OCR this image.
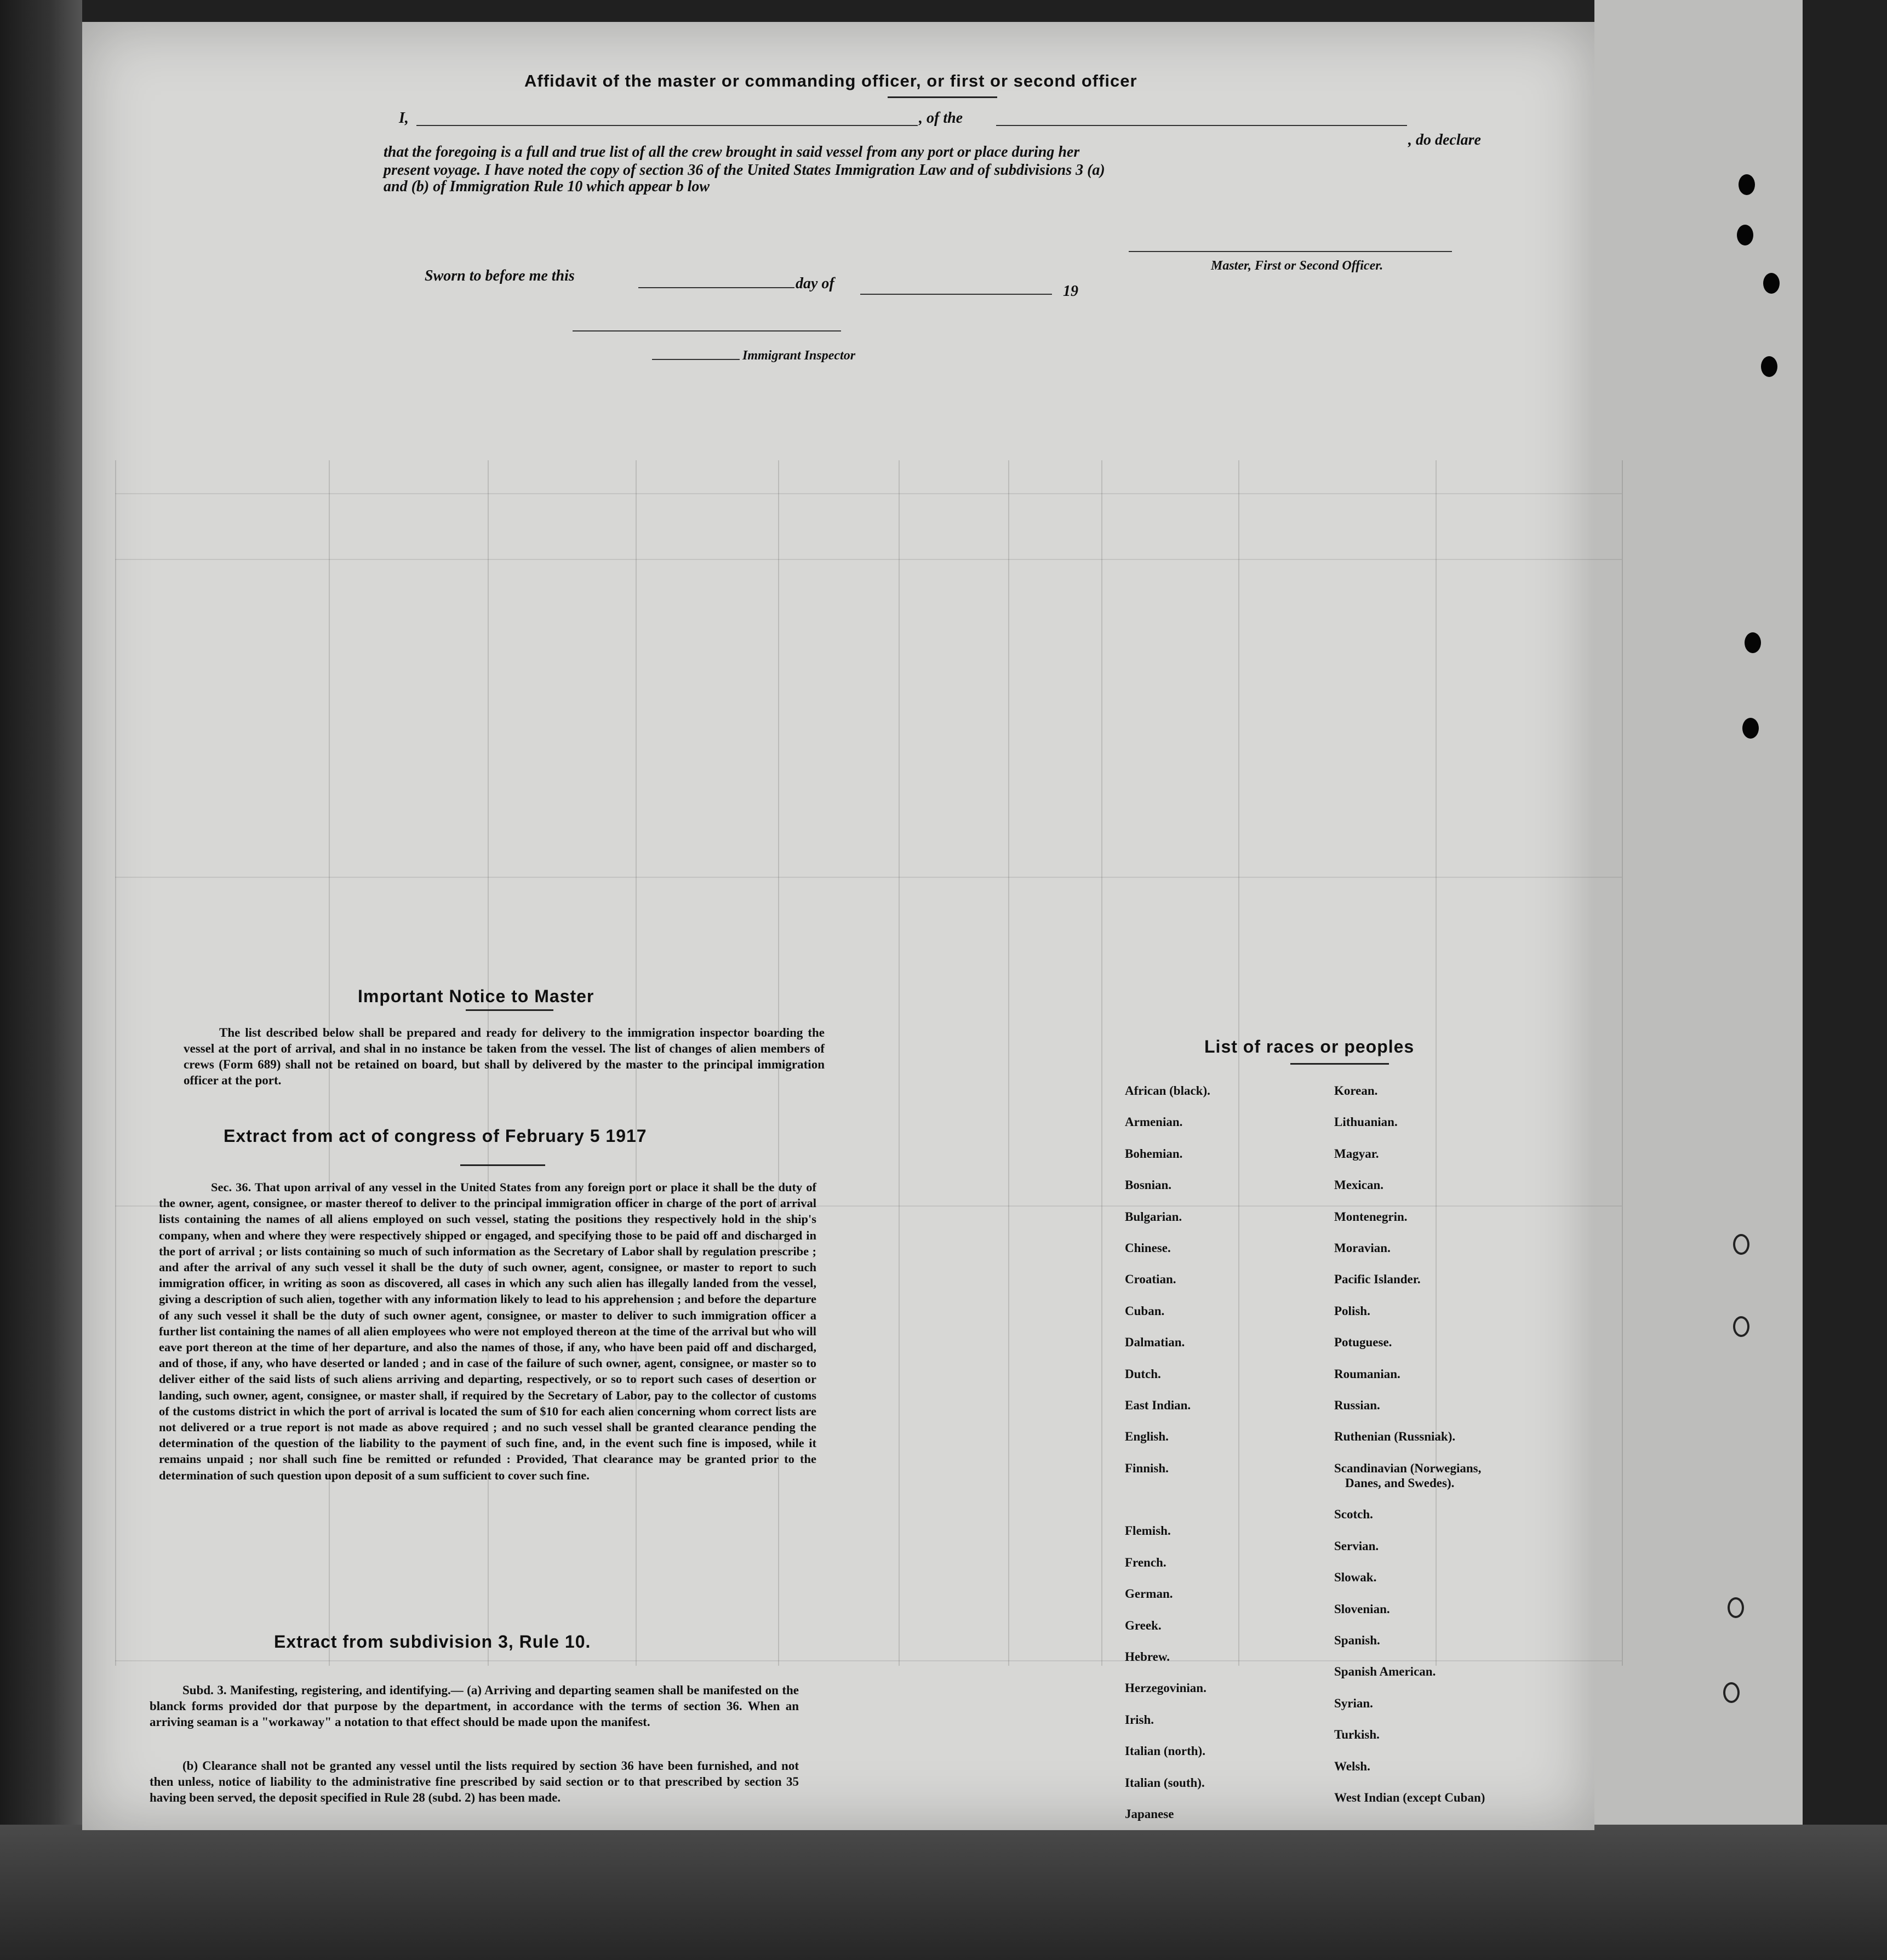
Affidavit of the master or commanding officer, or first or second officer
I,	, of the
, do declare
that the foregoing is a full and true list of all the crew brought in said vessel from any port or place during her
present voyage. I have noted the copy of section 36 of the United States Immigration Law and of subdivisions 3 (a)
and (b) of Immigration Rule 10 which appear b low
Master, First or Second Officer.
Sworn to before me this	day of	19
Immigrant Inspector
Important Notice to Master
The list described below shall be prepared and ready for delivery to the immigration inspector boarding the vessel at the port of arrival, and shal in no instance be taken from the vessel. The list of changes of alien members of crews (Form 689) shall not be retained on board, but shall by delivered by the master to the principal immigration officer at the port.
Extract from act of congress of February 5 1917
Sec. 36. That upon arrival of any vessel in the United States from any foreign port or place it shall be the duty of the owner, agent, consignee, or master thereof to deliver to the principal immigration officer in charge of the port of arrival lists containing the names of all aliens employed on such vessel, stating the positions they respectively hold in the ship's company, when and where they were respectively shipped or engaged, and specifying those to be paid off and discharged in the port of arrival ; or lists containing so much of such information as the Secretary of Labor shall by regulation prescribe ; and after the arrival of any such vessel it shall be the duty of such owner, agent, consignee, or master to report to such immigration officer, in writing as soon as discovered, all cases in which any such alien has illegally landed from the vessel, giving a description of such alien, together with any information likely to lead to his apprehension ; and before the departure of any such vessel it shall be the duty of such owner agent, consignee, or master to deliver to such immigration officer a further list containing the names of all alien employees who were not employed thereon at the time of the arrival but who will eave port thereon at the time of her departure, and also the names of those, if any, who have been paid off and discharged, and of those, if any, who have deserted or landed ; and in case of the failure of such owner, agent, consignee, or master so to deliver either of the said lists of such aliens arriving and departing, respectively, or so to report such cases of desertion or landing, such owner, agent, consignee, or master shall, if required by the Secretary of Labor, pay to the collector of customs of the customs district in which the port of arrival is located the sum of $10 for each alien concerning whom correct lists are not delivered or a true report is not made as above required ; and no such vessel shall be granted clearance pending the determination of the question of the liability to the payment of such fine, and, in the event such fine is imposed, while it remains unpaid ; nor shall such fine be remitted or refunded : Provided, That clearance may be granted prior to the determination of such question upon deposit of a sum sufficient to cover such fine.
Extract from subdivision 3, Rule 10.
Subd. 3. Manifesting, registering, and identifying.— (a) Arriving and departing seamen shall be manifested on the blanck forms provided dor that purpose by the department, in accordance with the terms of section 36. When an arriving seaman is a "workaway" a notation to that effect should be made upon the manifest.
(b) Clearance shall not be granted any vessel until the lists required by section 36 have been furnished, and not then unless, notice of liability to the administrative fine prescribed by said section or to that prescribed by section 35 having been served, the deposit specified in Rule 28 (subd. 2) has been made.
List of races or peoples
African (black).
Armenian.
Bohemian.
Bosnian.
Bulgarian.
Chinese.
Croatian.
Cuban.
Dalmatian.
Dutch.
East Indian.
English.
Finnish.
Flemish.
French.
German.
Greek.
Hebrew.
Herzegovinian.
Irish.
Italian (north).
Italian (south).
Japanese
Korean.
Lithuanian.
Magyar.
Mexican.
Montenegrin.
Moravian.
Pacific Islander.
Polish.
Potuguese.
Roumanian.
Russian.
Ruthenian (Russniak).
Scandinavian (Norwegians,
Danes, and Swedes).
Scotch.
Servian.
Slowak.
Slovenian.
Spanish.
Spanish American.
Syrian.
Turkish.
Welsh.
West Indian (except Cuban)
